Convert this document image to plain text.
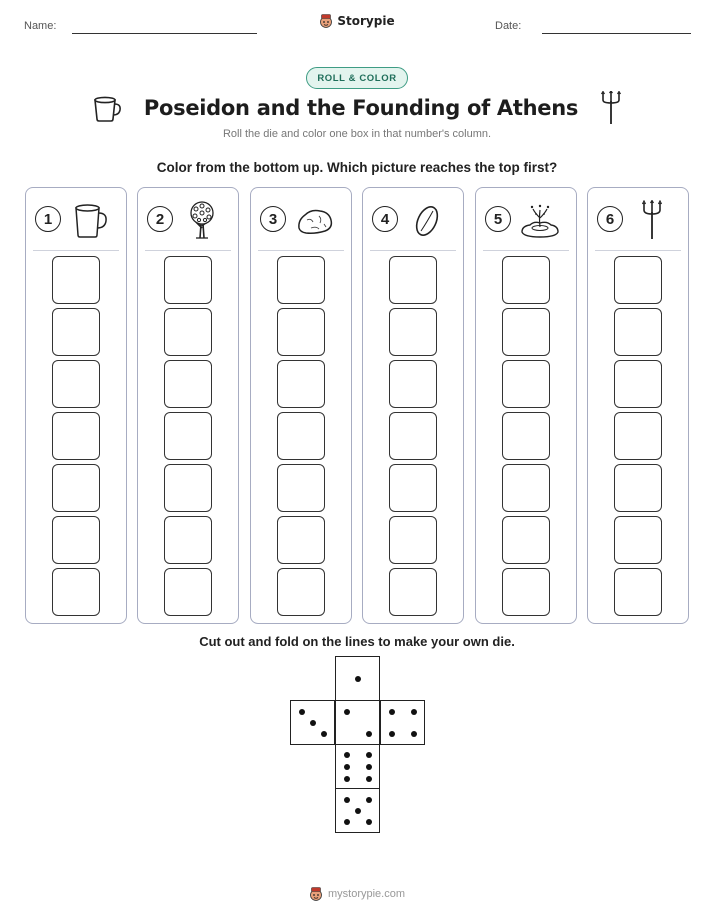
Name:	Storypie	Date:
ROLL & COLOR
Poseidon and the Founding of Athens

Roll the die and color one box in that number's column.

Color from the bottom up. Which picture reaches the top first?

1	2	3	4	5	6

Cut out and fold on the lines to make your own die.

mystorypie.com
